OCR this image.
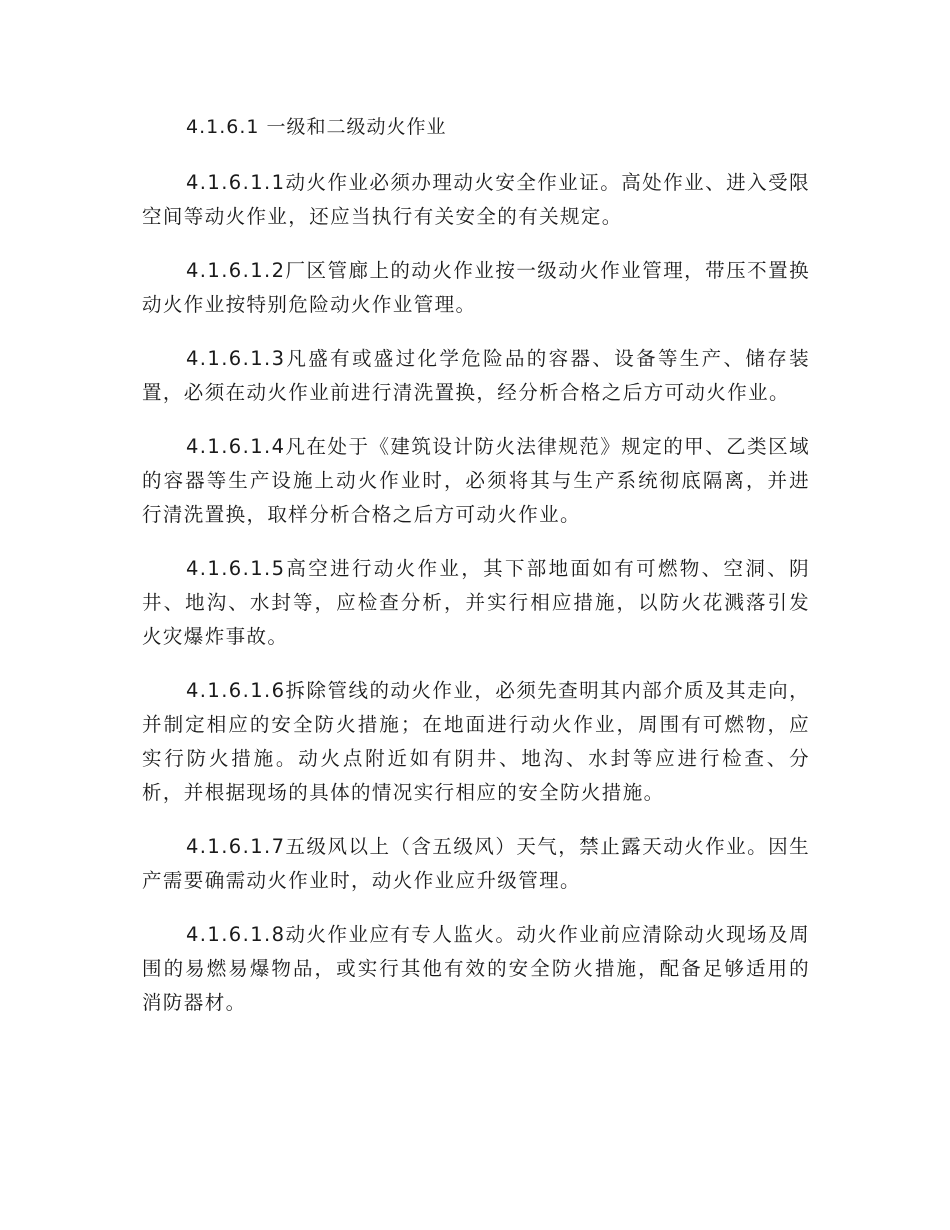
4.1.6.1 一级和二级动火作业

4.1.6.1.1动火作业必须办理动火安全作业证。高处作业、进入受限空间等动火作业，还应当执行有关安全的有关规定。

4.1.6.1.2厂区管廊上的动火作业按一级动火作业管理，带压不置换动火作业按特别危险动火作业管理。

4.1.6.1.3凡盛有或盛过化学危险品的容器、设备等生产、储存装置，必须在动火作业前进行清洗置换，经分析合格之后方可动火作业。

4.1.6.1.4凡在处于《建筑设计防火法律规范》规定的甲、乙类区域的容器等生产设施上动火作业时，必须将其与生产系统彻底隔离，并进行清洗置换，取样分析合格之后方可动火作业。

4.1.6.1.5高空进行动火作业，其下部地面如有可燃物、空洞、阴井、地沟、水封等，应检查分析，并实行相应措施，以防火花溅落引发火灾爆炸事故。

4.1.6.1.6拆除管线的动火作业，必须先查明其内部介质及其走向，并制定相应的安全防火措施；在地面进行动火作业，周围有可燃物，应实行防火措施。动火点附近如有阴井、地沟、水封等应进行检查、分析，并根据现场的具体的情况实行相应的安全防火措施。

4.1.6.1.7五级风以上（含五级风）天气，禁止露天动火作业。因生产需要确需动火作业时，动火作业应升级管理。

4.1.6.1.8动火作业应有专人监火。动火作业前应清除动火现场及周围的易燃易爆物品，或实行其他有效的安全防火措施，配备足够适用的消防器材。
